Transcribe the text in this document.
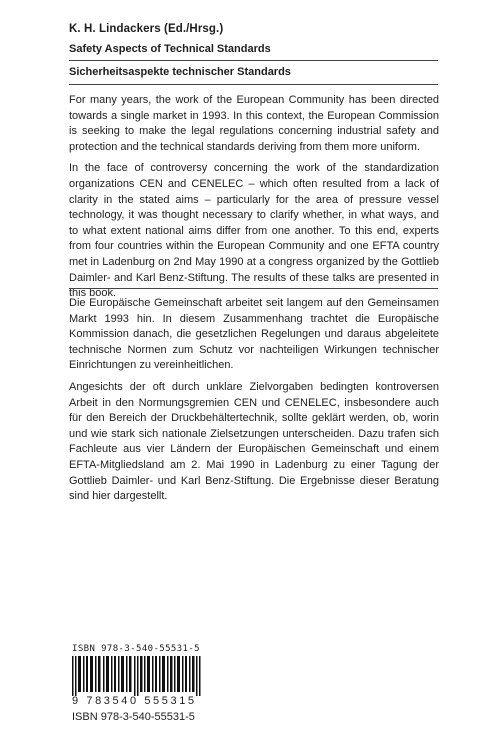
K. H. Lindackers (Ed./Hrsg.)
Safety Aspects of Technical Standards
Sicherheitsaspekte technischer Standards

For many years, the work of the European Community has been directed towards a single market in 1993. In this context, the European Commission is seeking to make the legal regulations concerning industrial safety and protection and the technical standards deriving from them more uniform.

In the face of controversy concerning the work of the standardization organizations CEN and CENELEC – which often resulted from a lack of clarity in the stated aims – particularly for the area of pressure vessel technology, it was thought necessary to clarify whether, in what ways, and to what extent national aims differ from one another. To this end, experts from four countries within the European Community and one EFTA country met in Ladenburg on 2nd May 1990 at a congress organized by the Gottlieb Daimler- and Karl Benz-Stiftung. The results of these talks are presented in this book.

Die Europäische Gemeinschaft arbeitet seit langem auf den Gemeinsamen Markt 1993 hin. In diesem Zusammenhang trachtet die Europäische Kommission danach, die gesetzlichen Regelungen und daraus abgeleitete technische Normen zum Schutz vor nachteiligen Wirkungen technischer Einrichtungen zu vereinheitlichen.

Angesichts der oft durch unklare Zielvorgaben bedingten kontroversen Arbeit in den Normungsgremien CEN und CENELEC, insbesondere auch für den Bereich der Druckbehältertechnik, sollte geklärt werden, ob, worin und wie stark sich nationale Zielsetzungen unterscheiden. Dazu trafen sich Fachleute aus vier Ländern der Europäischen Gemeinschaft und einem EFTA-Mitgliedsland am 2. Mai 1990 in Ladenburg zu einer Tagung der Gottlieb Daimler- und Karl Benz-Stiftung. Die Ergebnisse dieser Beratung sind hier dargestellt.

ISBN 978-3-540-55531-5
9 783540 555315
ISBN 978-3-540-55531-5
